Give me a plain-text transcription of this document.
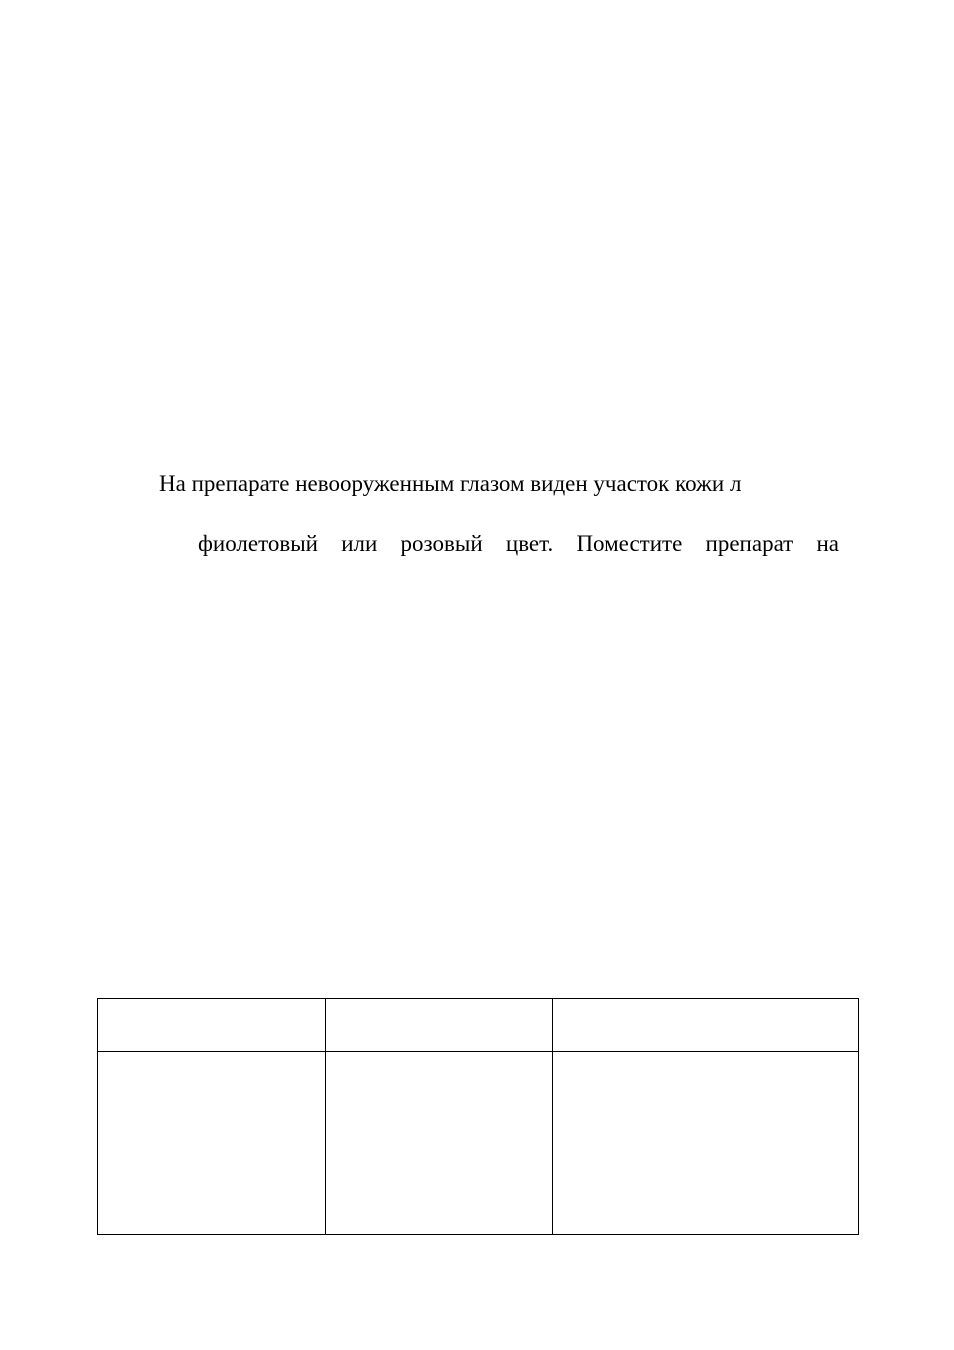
На препарате невооруженным глазом виден участок кожи л
фиолетовый или розовый цвет. Поместите препарат на
